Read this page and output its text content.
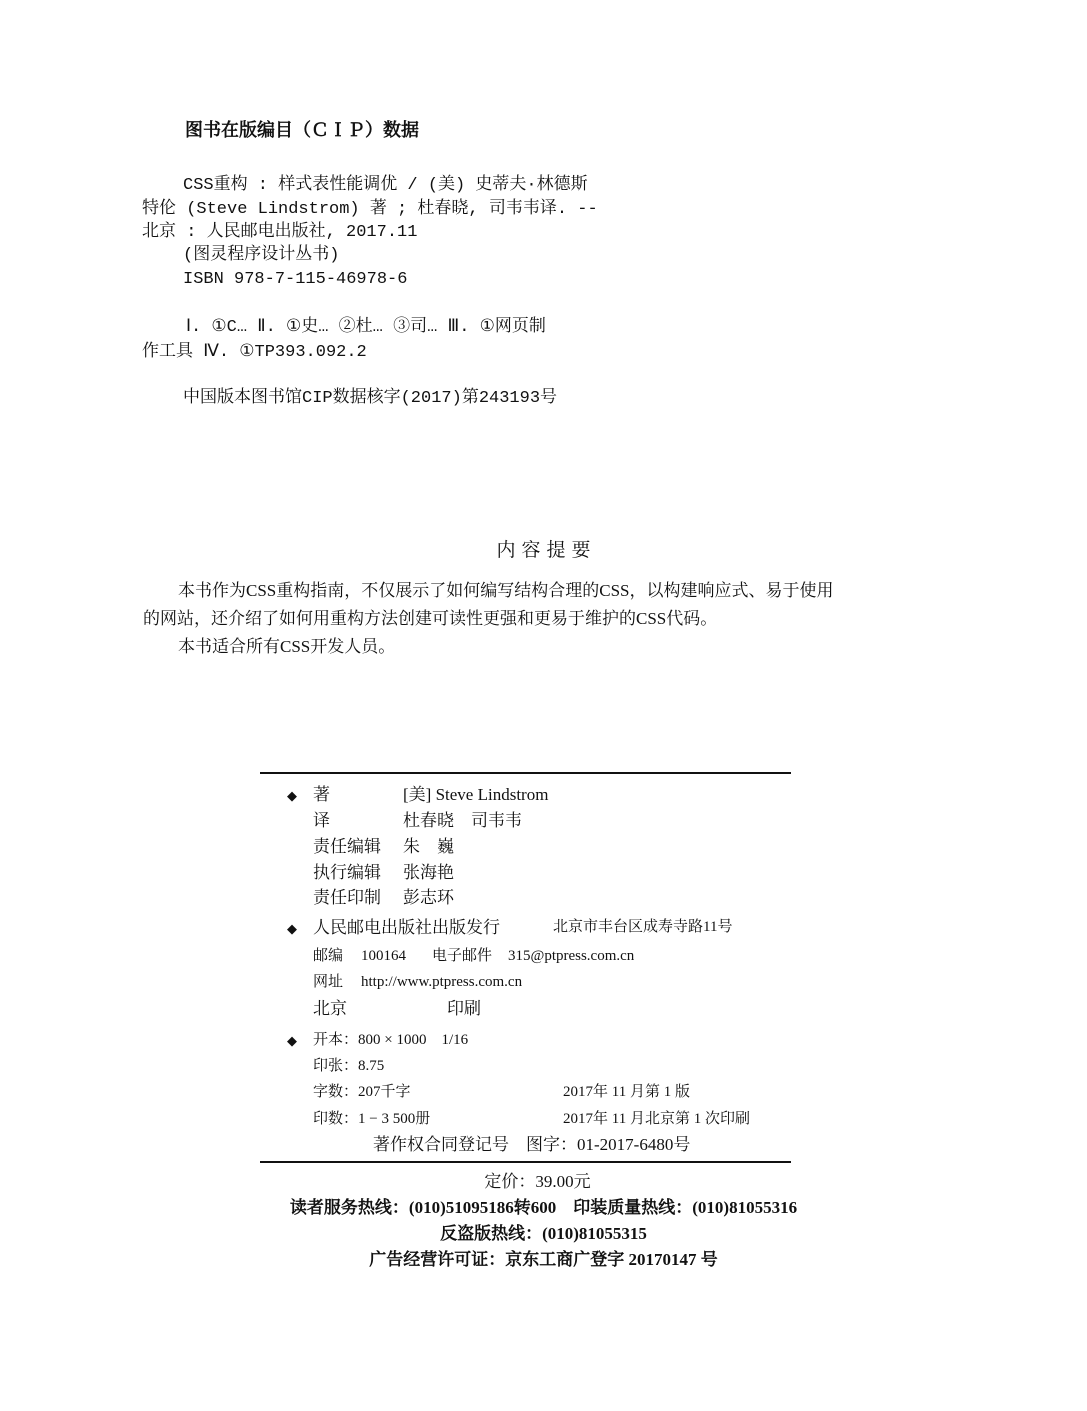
图书在版编目（ＣＩＰ）数据
CSS重构 : 样式表性能调优 / (美) 史蒂夫·林德斯
特伦 (Steve Lindstrom) 著 ; 杜春晓, 司韦韦译. --
北京 : 人民邮电出版社, 2017.11
(图灵程序设计丛书)
ISBN 978-7-115-46978-6
Ⅰ. ①C… Ⅱ. ①史… ②杜… ③司… Ⅲ. ①网页制
作工具 Ⅳ. ①TP393.092.2
中国版本图书馆CIP数据核字(2017)第243193号
内 容 提 要
本书作为CSS重构指南，不仅展示了如何编写结构合理的CSS，以构建响应式、易于使用
的网站，还介绍了如何用重构方法创建可读性更强和更易于维护的CSS代码。
本书适合所有CSS开发人员。
◆ 著	[美] Steve Lindstrom
译	杜春晓　司韦韦
责任编辑 朱　巍
执行编辑 张海艳
责任印制 彭志环
◆ 人民邮电出版社出版发行	北京市丰台区成寿寺路11号
邮编 100164 电子邮件 315@ptpress.com.cn
网址 http://www.ptpress.com.cn
北京	印刷
◆ 开本：800 × 1000　1/16
印张：8.75
字数：207千字	2017年 11 月第 1 版
印数：1 − 3 500册	2017年 11 月北京第 1 次印刷
著作权合同登记号　图字：01-2017-6480号
定价：39.00元
读者服务热线：(010)51095186转600　印装质量热线：(010)81055316
反盗版热线：(010)81055315
广告经营许可证：京东工商广登字 20170147 号
